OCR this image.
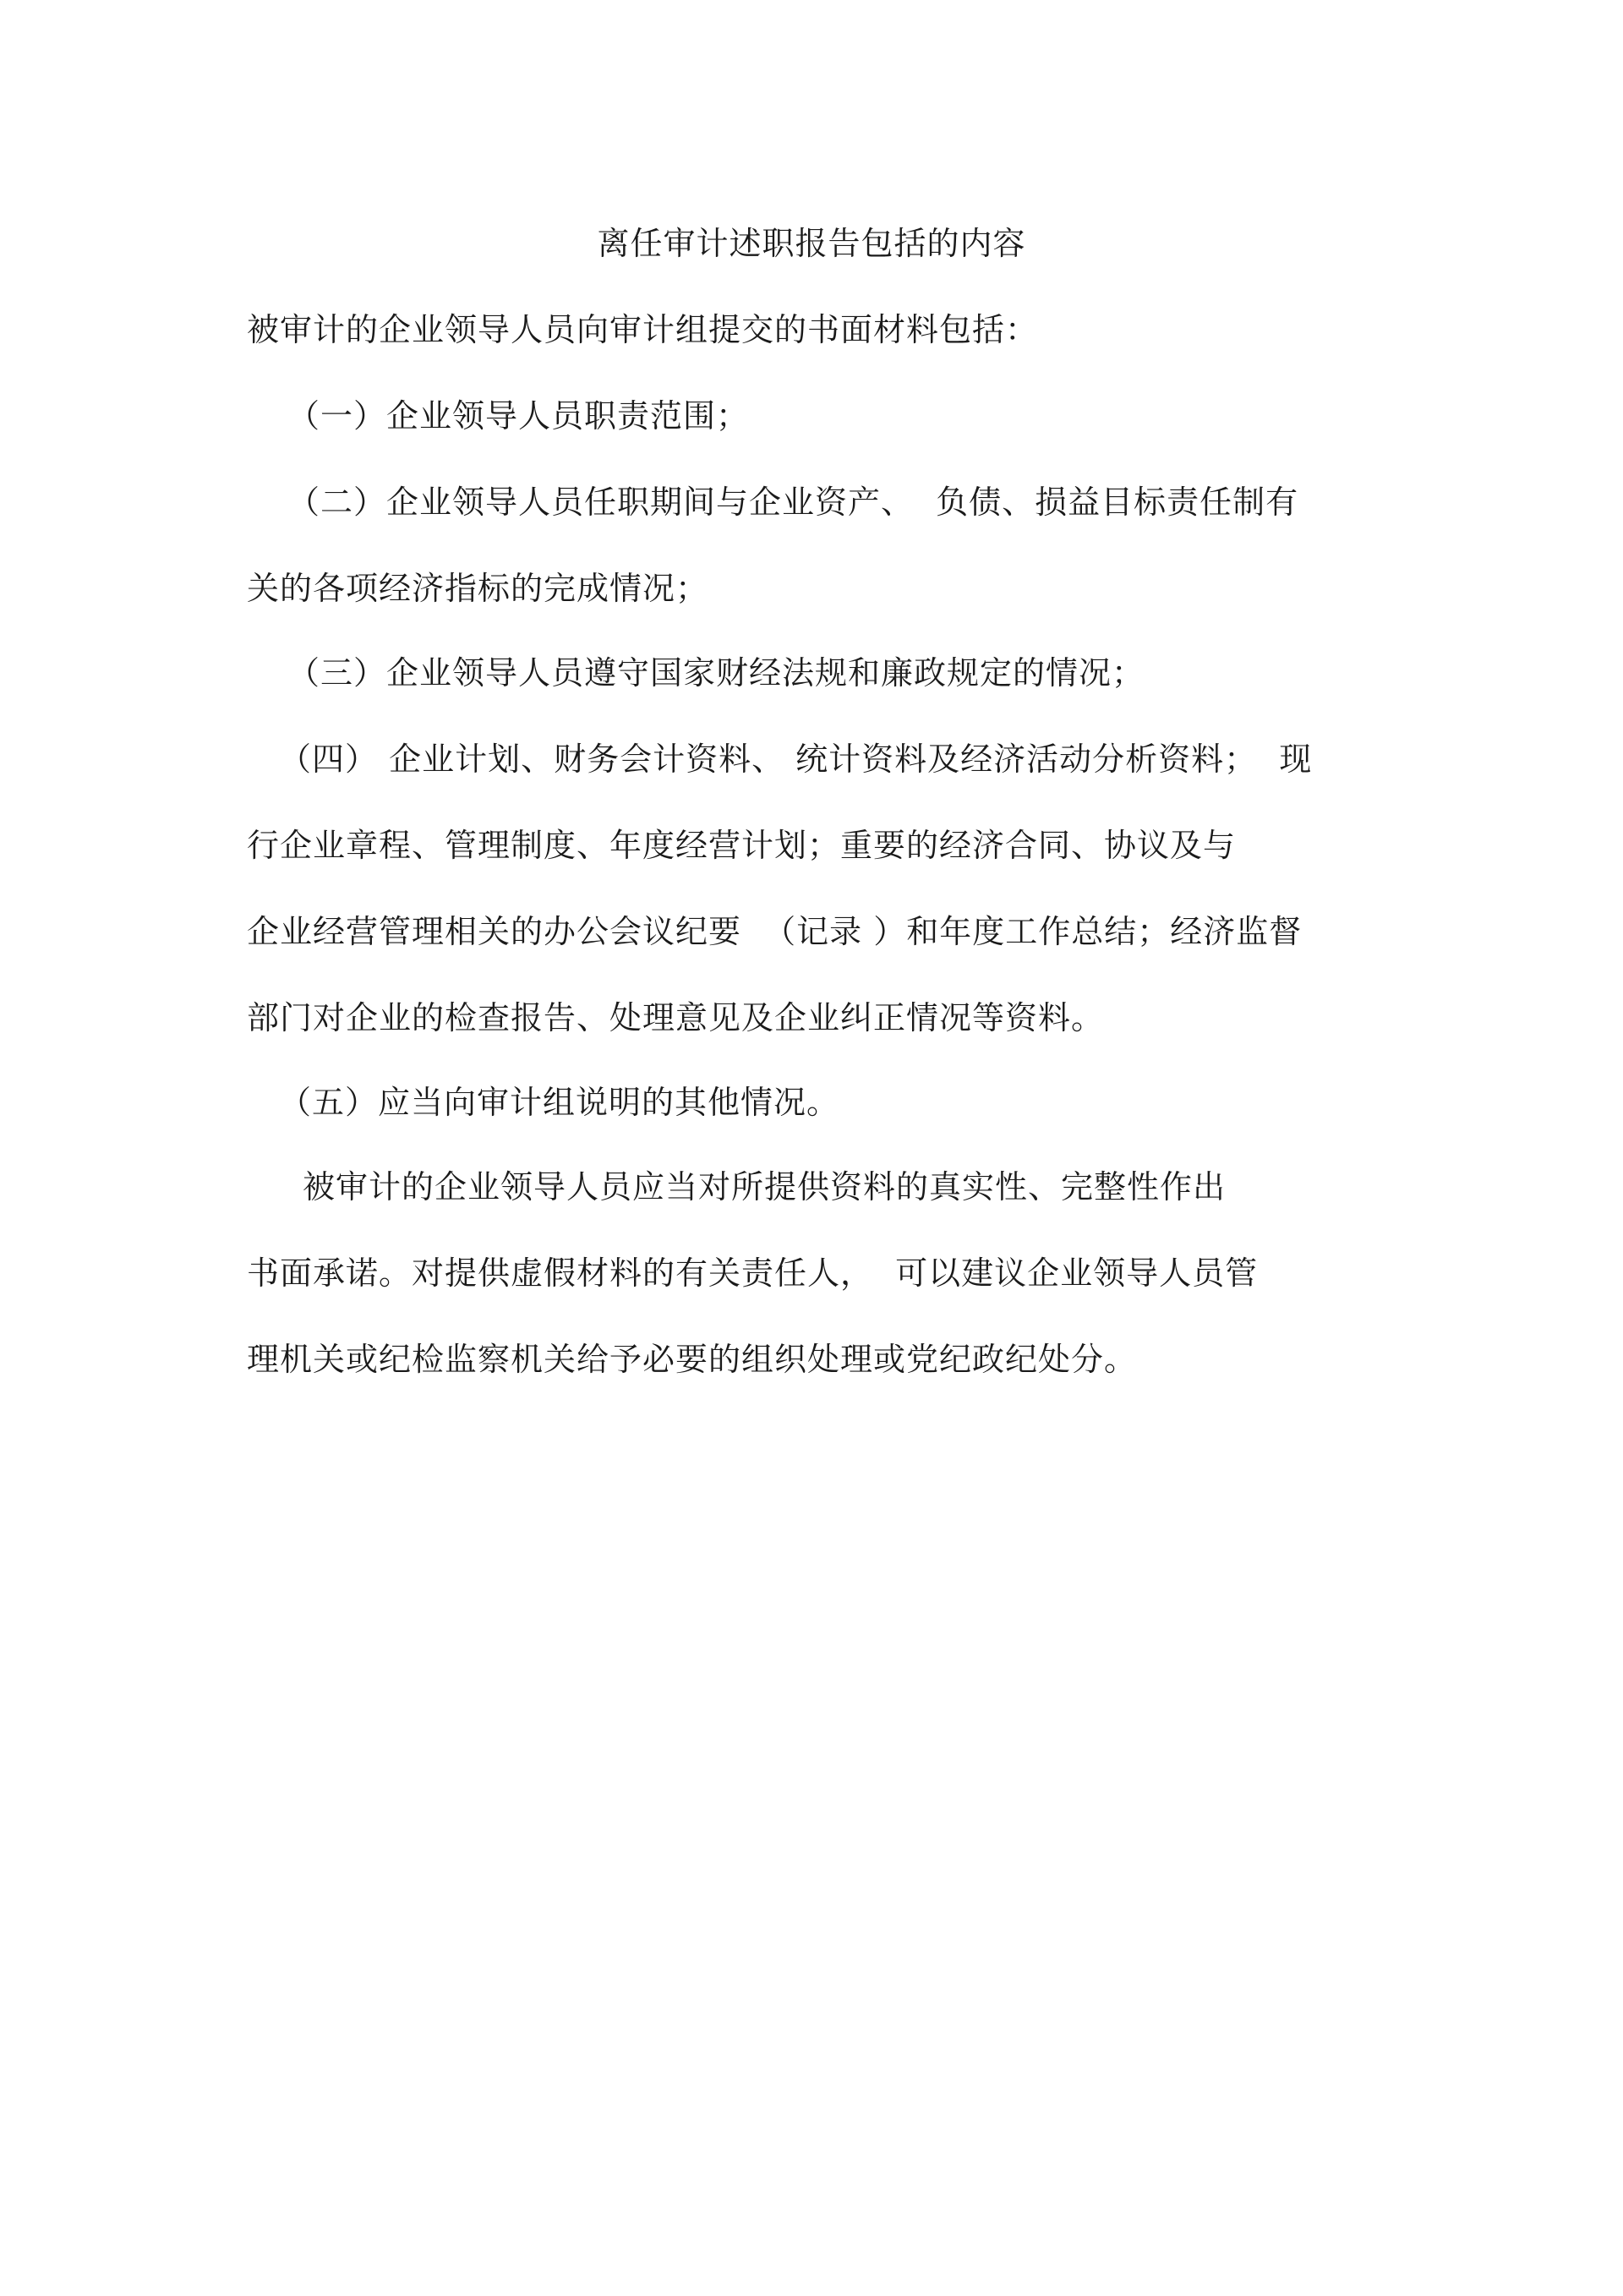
离任审计述职报告包括的内容

被审计的企业领导人员向审计组提交的书面材料包括：

（一）企业领导人员职责范围；

（二）企业领导人员任职期间与企业资产、  负债、损益目标责任制有

关的各项经济指标的完成情况；

（三）企业领导人员遵守国家财经法规和廉政规定的情况；

（四） 企业计划、财务会计资料、 统计资料及经济活动分析资料；  现

行企业章程、管理制度、年度经营计划；重要的经济合同、协议及与

企业经营管理相关的办公会议纪要  （记录 ）和年度工作总结；经济监督

部门对企业的检查报告、处理意见及企业纠正情况等资料。

（五）应当向审计组说明的其他情况。

被审计的企业领导人员应当对所提供资料的真实性、完整性作出

书面承诺。对提供虚假材料的有关责任人，  可以建议企业领导人员管

理机关或纪检监察机关给予必要的组织处理或党纪政纪处分。
